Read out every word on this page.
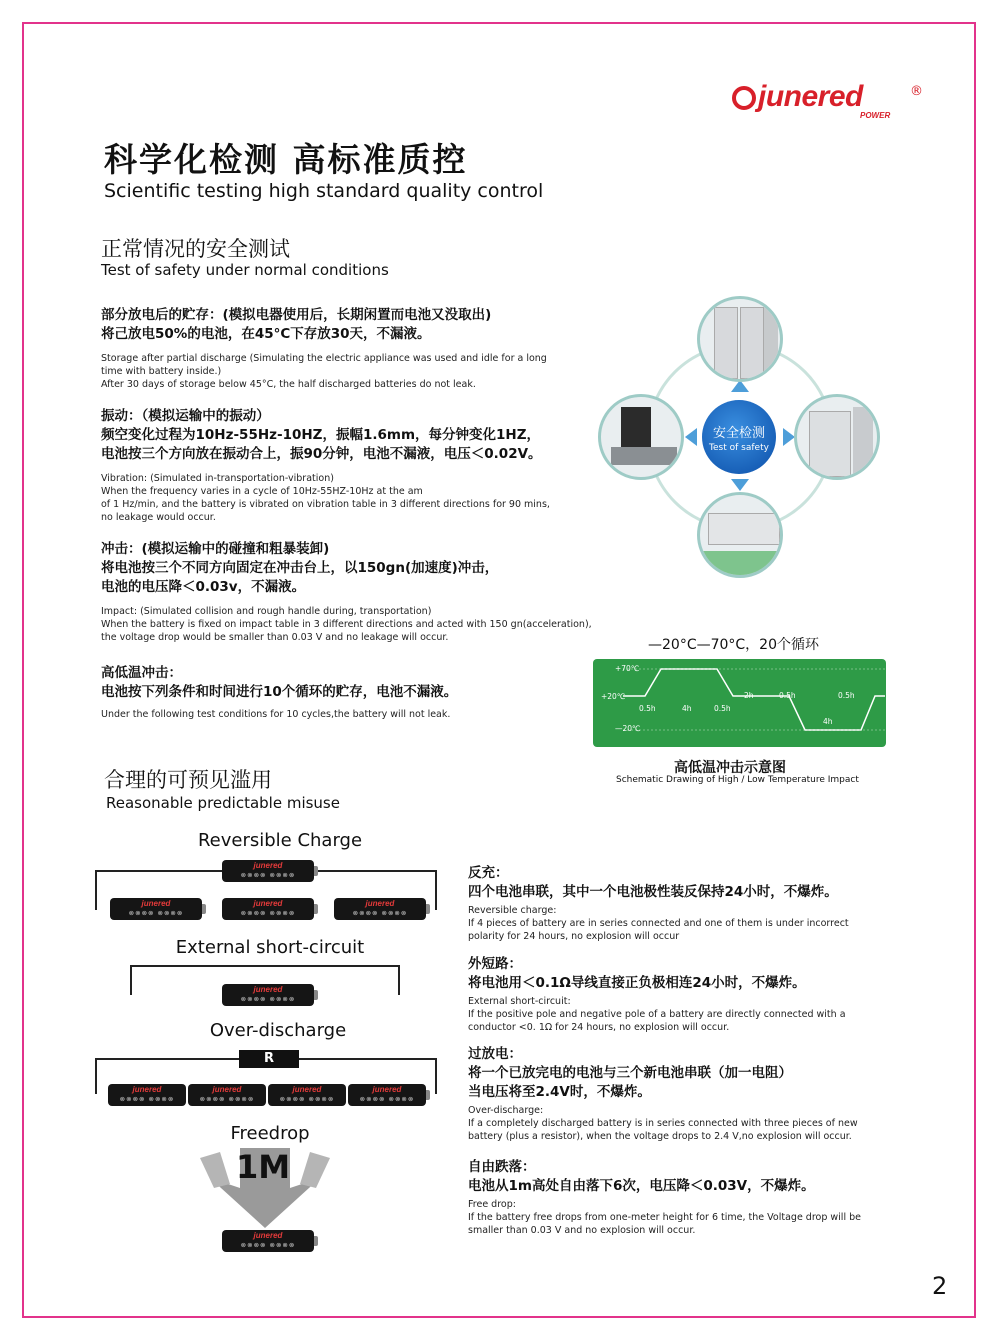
junered	®
POWER
科学化检测 高标准质控
Scientific testing high standard quality control
正常情况的安全测试
Test of safety under normal conditions
部分放电后的贮存：(模拟电器使用后，长期闲置而电池又没取出)
将己放电50%的电池，在45°C下存放30天，不漏液。
Storage after partial discharge (Simulating the electric appliance was used and idle for a long
time with battery inside.)
After 30 days of storage below 45°C, the half discharged batteries do not leak.
振动：（模拟运输中的振动）
频空变化过程为10Hz-55Hz-10HZ，振幅1.6mm，每分钟变化1HZ，
电池按三个方向放在振动合上，振90分钟，电池不漏液，电压＜0.02V。
Vibration: (Simulated in-transportation-vibration)
When the frequency varies in a cycle of 10Hz-55HZ-10Hz at the am
of 1 Hz/min, and the battery is vibrated on vibration table in 3 different directions for 90 mins,
no leakage would occur.
冲击：(模拟运输中的碰撞和粗暴装卸)
将电池按三个不同方向固定在冲击台上，以150gn(加速度)冲击，
电池的电压降＜0.03v，不漏液。
Impact: (Simulated collision and rough handle during, transportation)
When the battery is fixed on impact table in 3 different directions and acted with 150 gn(acceleration),
the voltage drop would be smaller than 0.03 V and no leakage will occur.
高低温冲击：
电池按下列条件和时间进行10个循环的贮存，电池不漏液。
Under the following test conditions for 10 cycles,the battery will not leak.
安全检测
Test of safety
—20°C—70°C，20个循环
+70℃
+20℃
—20℃
0.5h	4h	0.5h
2h	0.5h
4h
0.5h
高低温冲击示意图
Schematic Drawing of High / Low Temperature Impact
合理的可预见滥用
Reasonable predictable misuse
Reversible Charge
junered
⊗⊗⊗⊗ ⊗⊗⊗⊗
junered
⊗⊗⊗⊗ ⊗⊗⊗⊗
junered
⊗⊗⊗⊗ ⊗⊗⊗⊗
junered
⊗⊗⊗⊗ ⊗⊗⊗⊗
External short-circuit
junered
⊗⊗⊗⊗ ⊗⊗⊗⊗
Over-discharge
R
junered
⊗⊗⊗⊗ ⊗⊗⊗⊗
junered
⊗⊗⊗⊗ ⊗⊗⊗⊗
junered
⊗⊗⊗⊗ ⊗⊗⊗⊗
junered
⊗⊗⊗⊗ ⊗⊗⊗⊗
Freedrop
1M
junered
⊗⊗⊗⊗ ⊗⊗⊗⊗
反充：
四个电池串联，其中一个电池极性装反保持24小时，不爆炸。
Reversible charge:
If 4 pieces of battery are in series connected and one of them is under incorrect
polarity for 24 hours, no explosion will occur
外短路：
将电池用＜0.1Ω导线直接正负极相连24小时，不爆炸。
External short-circuit:
If the positive pole and negative pole of a battery are directly connected with a
conductor <0. 1Ω for 24 hours, no explosion will occur.
过放电：
将一个已放完电的电池与三个新电池串联（加一电阻）
当电压将至2.4V时，不爆炸。
Over-discharge:
If a completely discharged battery is in series connected with three pieces of new
battery (plus a resistor), when the voltage drops to 2.4 V,no explosion will occur.
自由跌落：
电池从1m高处自由落下6次，电压降＜0.03V，不爆炸。
Free drop:
If the battery free drops from one-meter height for 6 time, the Voltage drop will be
smaller than 0.03 V and no explosion will occur.
2
